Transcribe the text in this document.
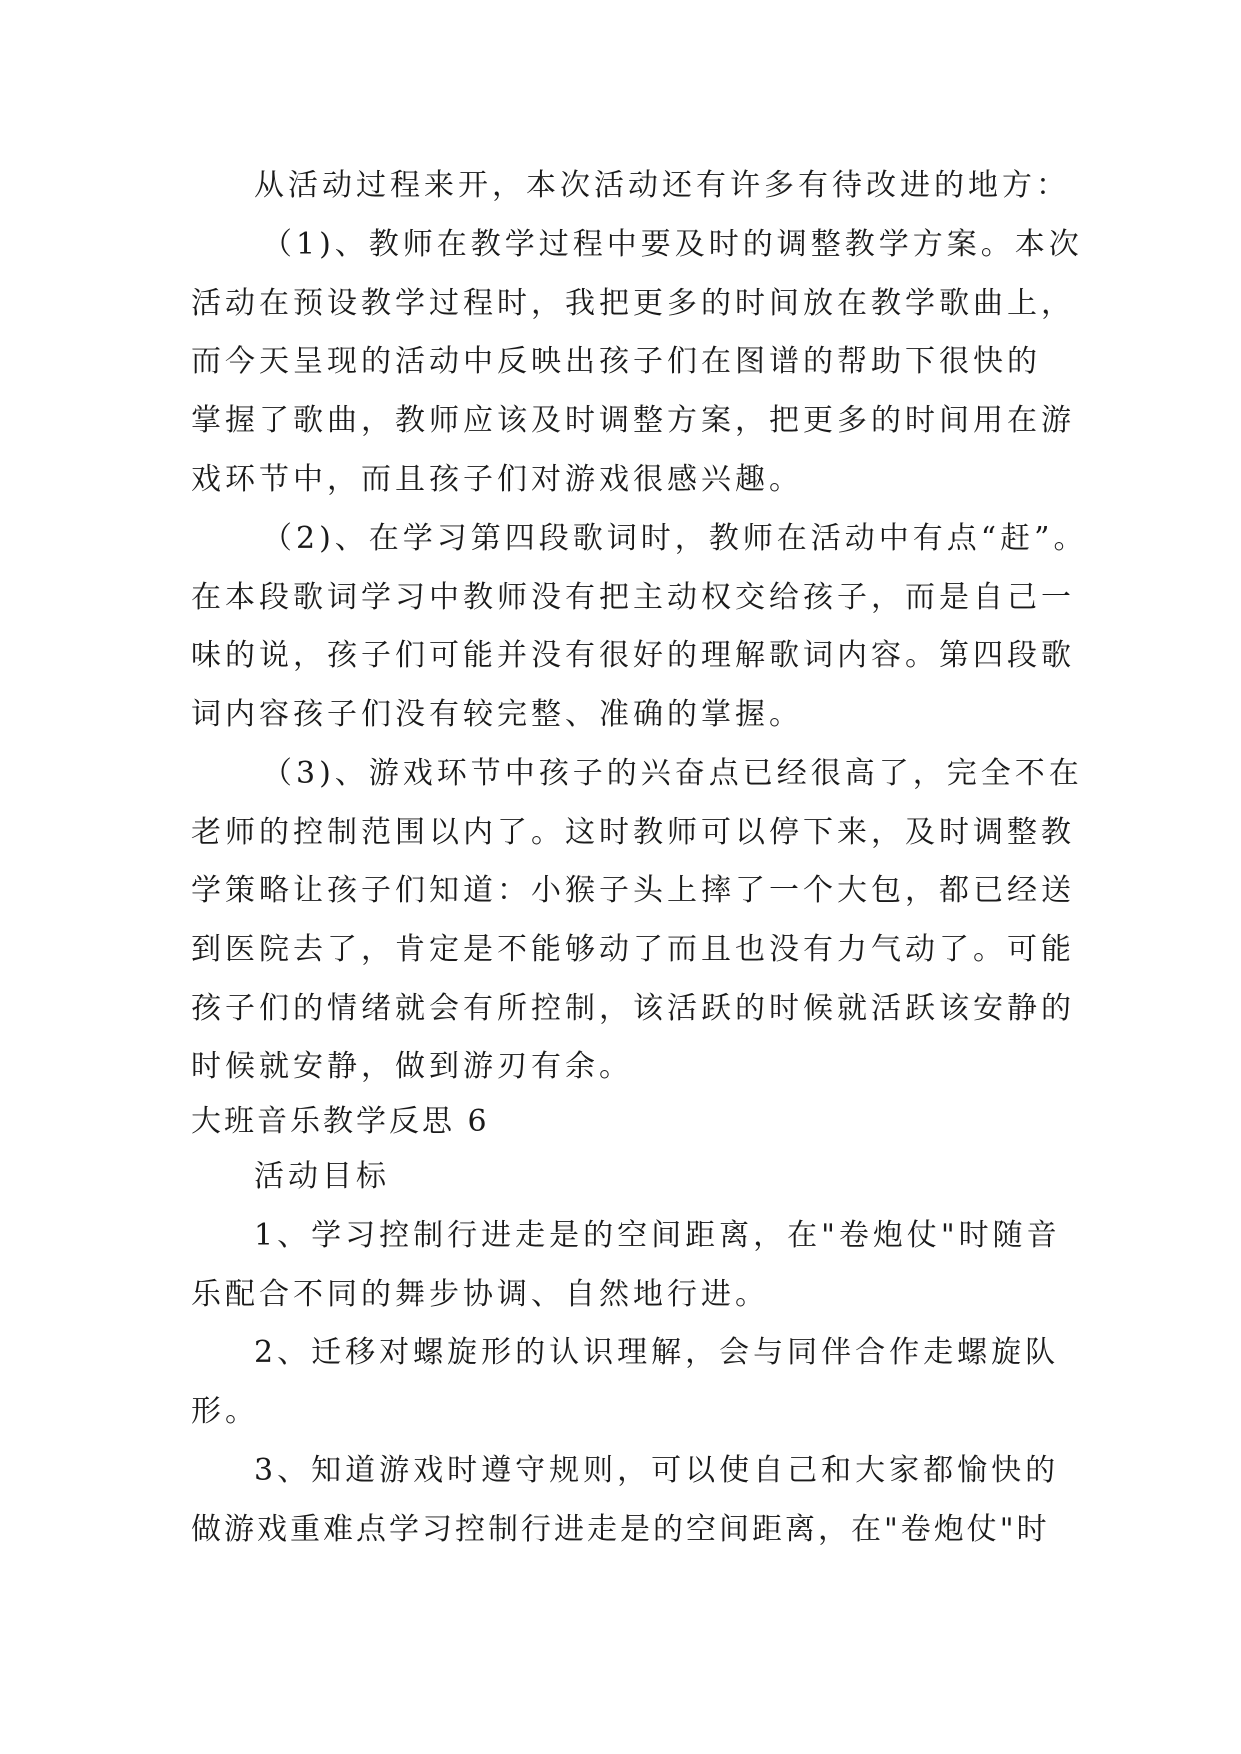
从活动过程来开，本次活动还有许多有待改进的地方：
（1)、教师在教学过程中要及时的调整教学方案。本次
活动在预设教学过程时，我把更多的时间放在教学歌曲上，
而今天呈现的活动中反映出孩子们在图谱的帮助下很快的
掌握了歌曲，教师应该及时调整方案，把更多的时间用在游
戏环节中，而且孩子们对游戏很感兴趣。
（2)、在学习第四段歌词时，教师在活动中有点“赶”。
在本段歌词学习中教师没有把主动权交给孩子，而是自己一
味的说，孩子们可能并没有很好的理解歌词内容。第四段歌
词内容孩子们没有较完整、准确的掌握。
（3)、游戏环节中孩子的兴奋点已经很高了，完全不在
老师的控制范围以内了。这时教师可以停下来，及时调整教
学策略让孩子们知道：小猴子头上摔了一个大包，都已经送
到医院去了，肯定是不能够动了而且也没有力气动了。可能
孩子们的情绪就会有所控制，该活跃的时候就活跃该安静的
时候就安静，做到游刃有余。
大班音乐教学反思 6
活动目标
1、学习控制行进走是的空间距离，在"卷炮仗"时随音
乐配合不同的舞步协调、自然地行进。
2、迁移对螺旋形的认识理解，会与同伴合作走螺旋队
形。
3、知道游戏时遵守规则，可以使自己和大家都愉快的
做游戏重难点学习控制行进走是的空间距离，在"卷炮仗"时
